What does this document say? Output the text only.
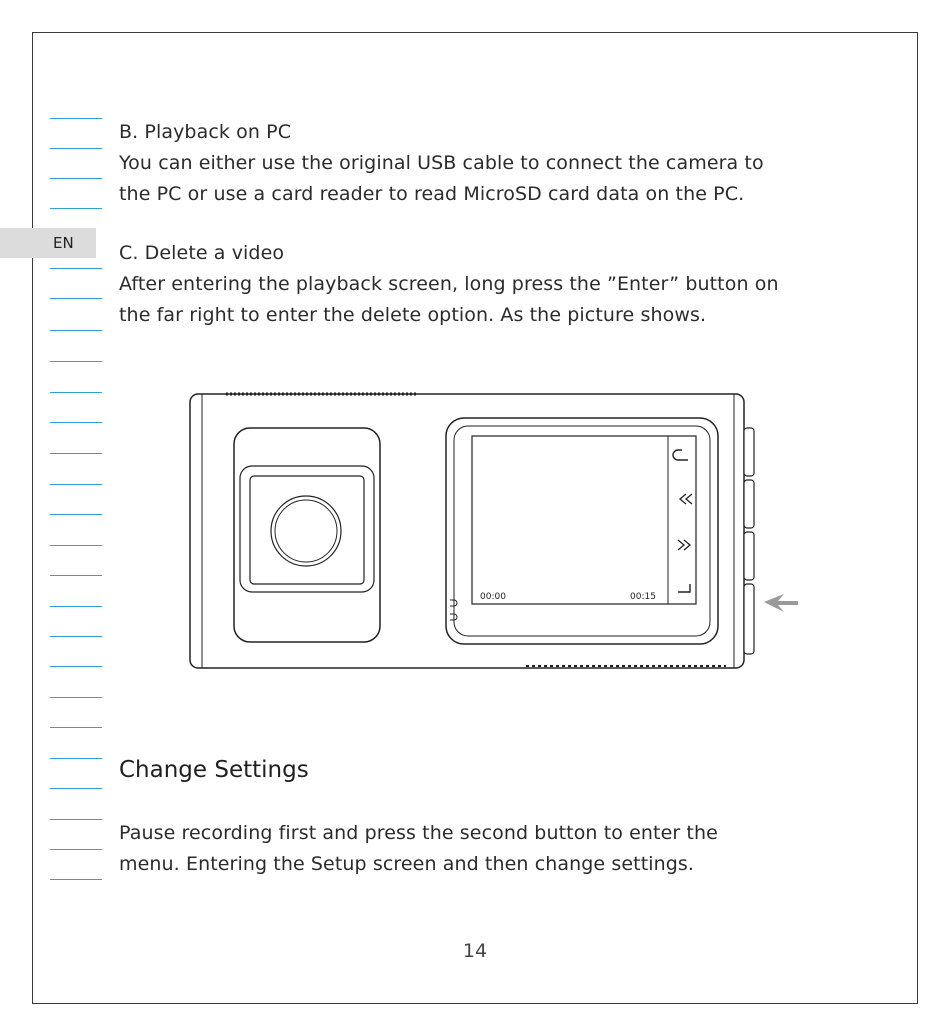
EN
B. Playback on PC
You can either use the original USB cable to connect the camera to
the PC or use a card reader to read MicroSD card data on the PC.
C. Delete a video
After entering the playback screen, long press the ”Enter” button on
the far right to enter the delete option. As the picture shows.
00:00	00:15
Change Settings
Pause recording first and press the second button to enter the
menu. Entering the Setup screen and then change settings.
14
